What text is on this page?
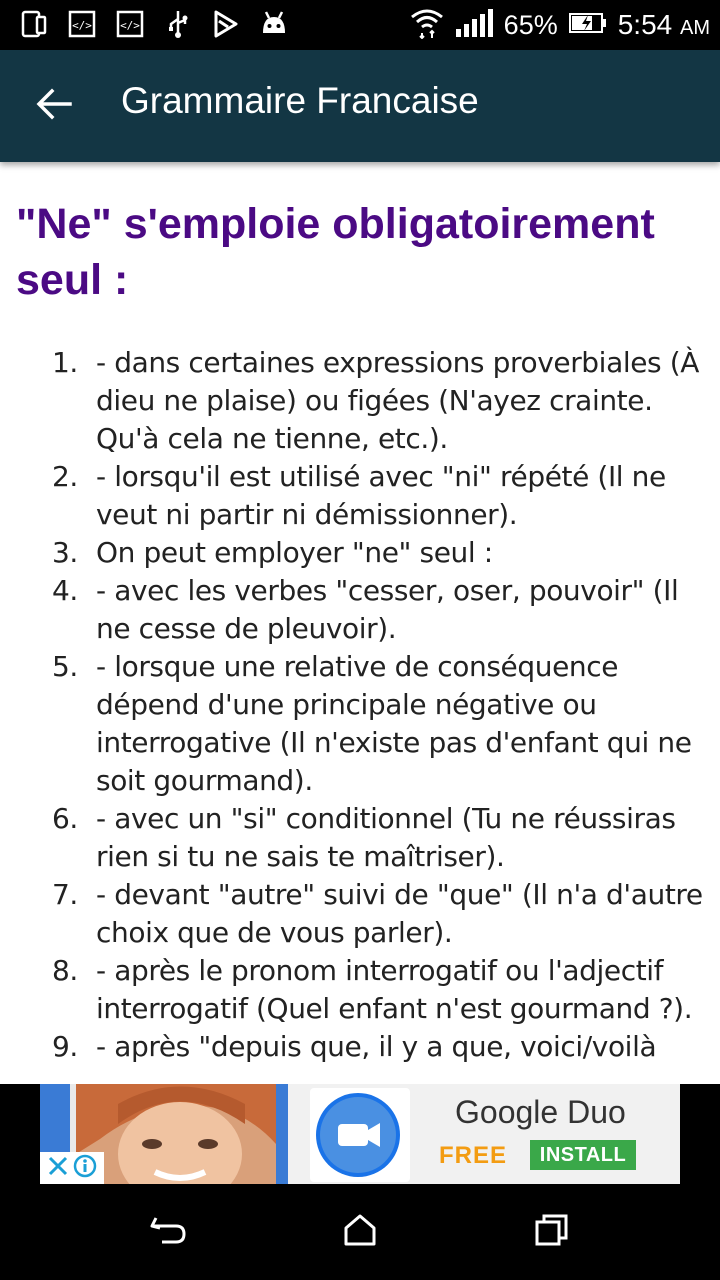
</>	</>	65% 5:54 AM
Grammaire Francaise
"Ne" s'emploie obligatoirement seul :
1. - dans certaines expressions proverbiales (À dieu ne plaise) ou figées (N'ayez crainte. Qu'à cela ne tienne, etc.).
2. - lorsqu'il est utilisé avec "ni" répété (Il ne veut ni partir ni démissionner).
3. On peut employer "ne" seul :
4. - avec les verbes "cesser, oser, pouvoir" (Il ne cesse de pleuvoir).
5. - lorsque une relative de conséquence dépend d'une principale négative ou interrogative (Il n'existe pas d'enfant qui ne soit gourmand).
6. - avec un "si" conditionnel (Tu ne réussiras rien si tu ne sais te maîtriser).
7. - devant "autre" suivi de "que" (Il n'a d'autre choix que de vous parler).
8. - après le pronom interrogatif ou l'adjectif interrogatif (Quel enfant n'est gourmand ?).
9. - après "depuis que, il y a que, voici/voilà
Google Duo
FREE	INSTALL
